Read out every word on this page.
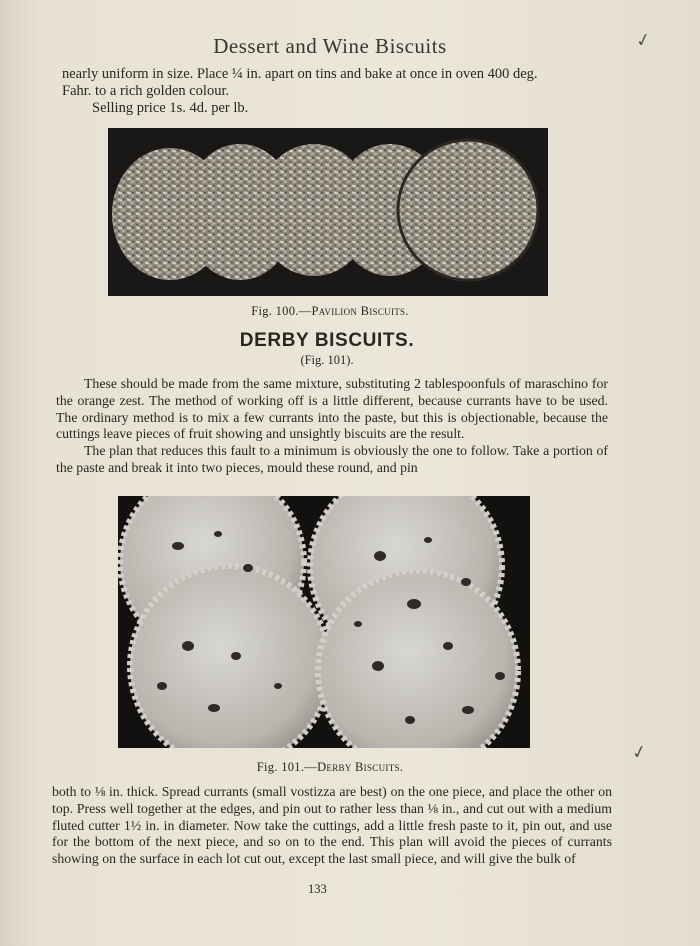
Dessert and Wine Biscuits	✓
✓
nearly uniform in size. Place ¼ in. apart on tins and bake at once in oven 400 deg.
Fahr. to a rich golden colour.
Selling price 1s. 4d. per lb.
Fig. 100.—Pavilion Biscuits.
DERBY BISCUITS.
(Fig. 101).

These should be made from the same mixture, substituting 2 tablespoonfuls of maraschino for the orange zest. The method of working off is a little different, because currants have to be used. The ordinary method is to mix a few currants into the paste, but this is objectionable, because the cuttings leave pieces of fruit showing and unsightly biscuits are the result.

The plan that reduces this fault to a minimum is obviously the one to follow. Take a portion of the paste and break it into two pieces, mould these round, and pin

Fig. 101.—Derby Biscuits.

both to ⅛ in. thick. Spread currants (small vostizza are best) on the one piece, and place the other on top. Press well together at the edges, and pin out to rather less than ⅛ in., and cut out with a medium fluted cutter 1½ in. in diameter. Now take the cuttings, add a little fresh paste to it, pin out, and use for the bottom of the next piece, and so on to the end. This plan will avoid the pieces of currants showing on the surface in each lot cut out, except the last small piece, and will give the bulk of

133
